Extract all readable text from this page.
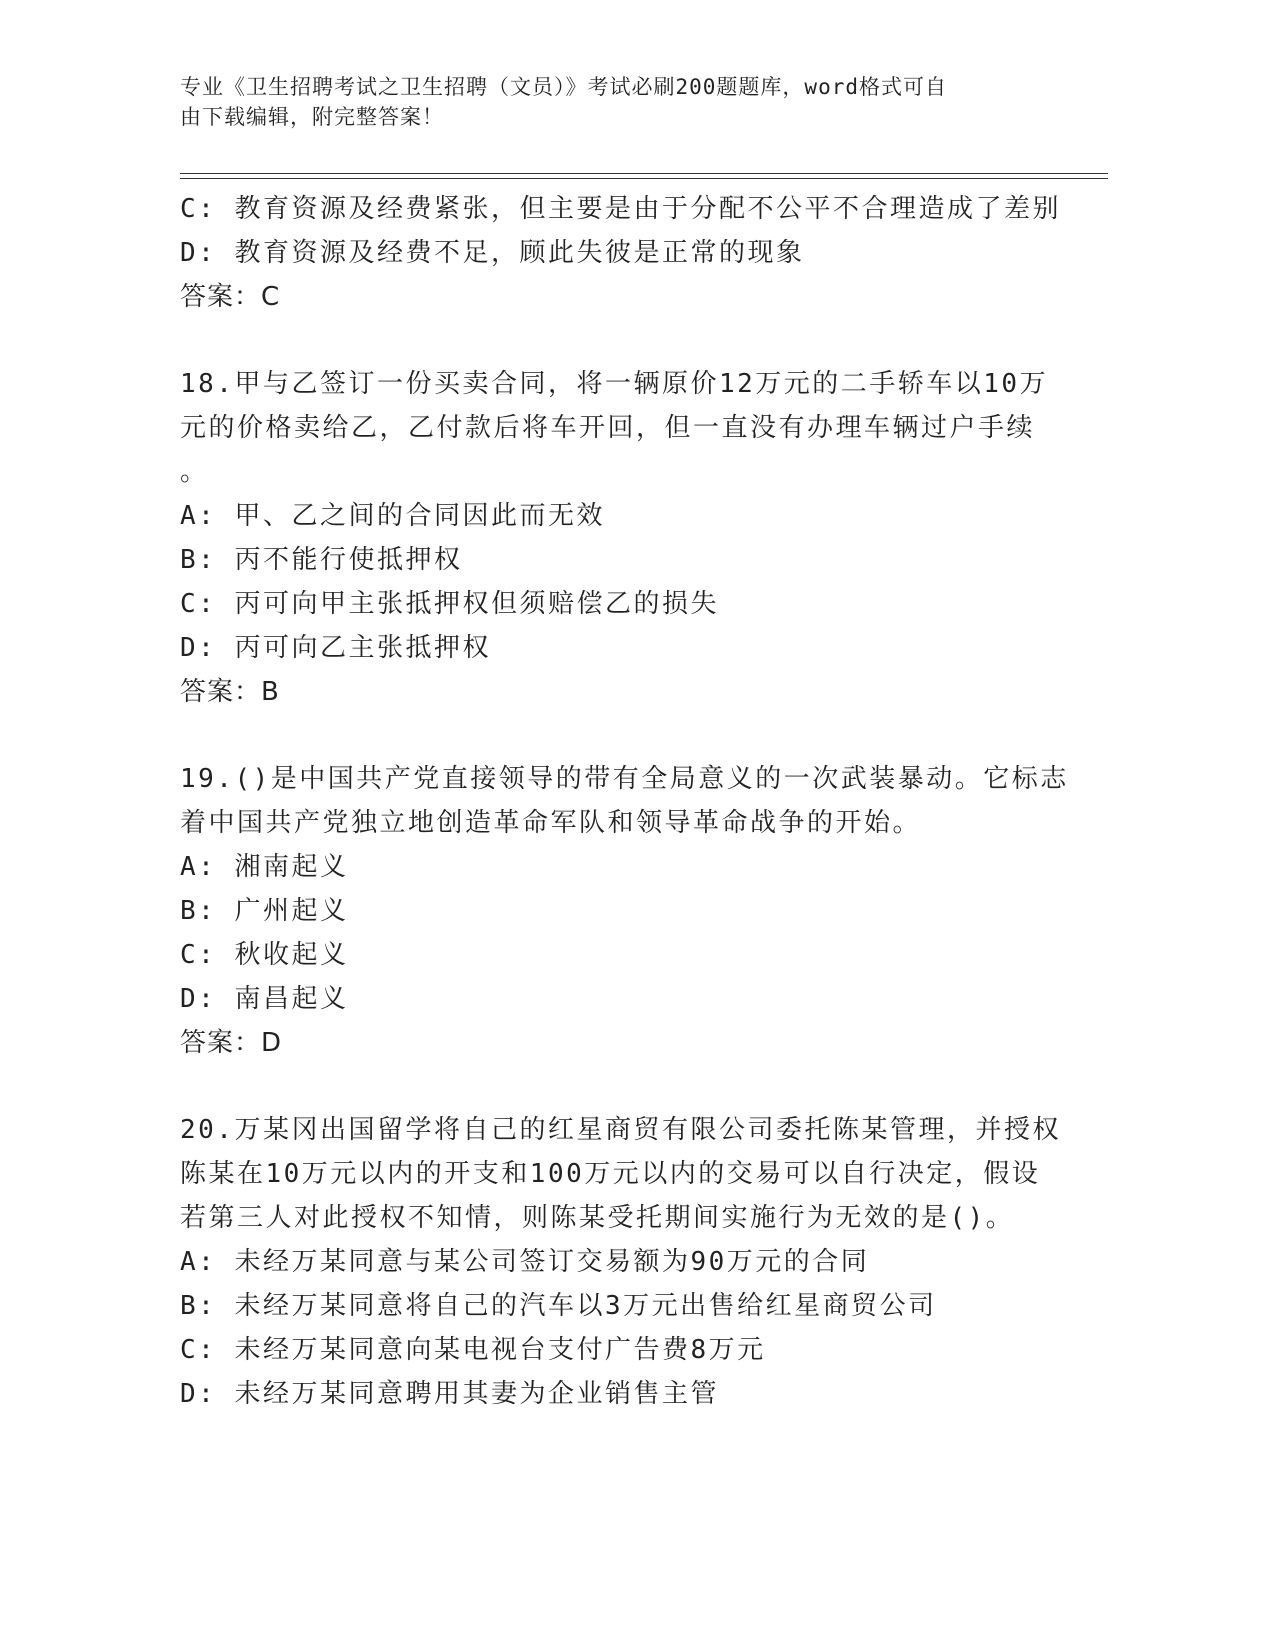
专业《卫生招聘考试之卫生招聘（文员）》考试必刷200题题库，word格式可自
由下载编辑，附完整答案！
C: 教育资源及经费紧张，但主要是由于分配不公平不合理造成了差别
D: 教育资源及经费不足，顾此失彼是正常的现象
答案：C
18.甲与乙签订一份买卖合同，将一辆原价12万元的二手轿车以10万
元的价格卖给乙，乙付款后将车开回，但一直没有办理车辆过户手续
。
A: 甲、乙之间的合同因此而无效
B: 丙不能行使抵押权
C: 丙可向甲主张抵押权但须赔偿乙的损失
D: 丙可向乙主张抵押权
答案：B
19.()是中国共产党直接领导的带有全局意义的一次武装暴动。它标志
着中国共产党独立地创造革命军队和领导革命战争的开始。
A: 湘南起义
B: 广州起义
C: 秋收起义
D: 南昌起义
答案：D
20.万某冈出国留学将自己的红星商贸有限公司委托陈某管理，并授权
陈某在10万元以内的开支和100万元以内的交易可以自行决定，假设
若第三人对此授权不知情，则陈某受托期间实施行为无效的是()。
A: 未经万某同意与某公司签订交易额为90万元的合同
B: 未经万某同意将自己的汽车以3万元出售给红星商贸公司
C: 未经万某同意向某电视台支付广告费8万元
D: 未经万某同意聘用其妻为企业销售主管
